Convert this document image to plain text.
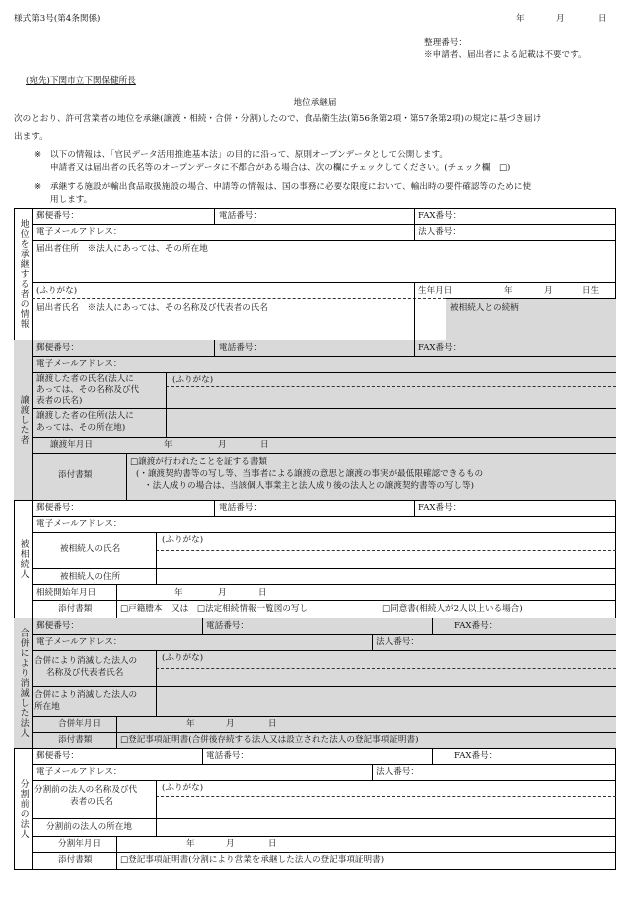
様式第3号(第4条関係)	年	月	日
整理番号：
※申請者、届出者による記載は不要です。
(宛先)下関市立下関保健所長
地位承継届
次のとおり、許可営業者の地位を承継(譲渡・相続・合併・分割)したので、食品衛生法(第56条第2項・第57条第2項)の規定に基づき届け
出ます。
※ 以下の情報は、「官民データ活用推進基本法」の目的に沿って、原則オープンデータとして公開します。
申請者又は届出者の氏名等のオープンデータに不都合がある場合は、次の欄にチェックしてください。(チェック欄　□)
※ 承継する施設が輸出食品取扱施設の場合、申請等の情報は、国の事務に必要な限度において、輸出時の要件確認等のために使
用します。
地位を承継する者の情報
郵便番号：	電話番号：	FAX番号：
電子メールアドレス：	法人番号：
届出者住所　※法人にあっては、その所在地
(ふりがな)	生年月日	年	月	日生
届出者氏名　※法人にあっては、その名称及び代表者の氏名	被相続人との続柄
譲渡した者
郵便番号：	電話番号：	FAX番号：
電子メールアドレス：
譲渡した者の氏名(法人に
あっては、その名称及び代
表者の氏名)
(ふりがな)
譲渡した者の住所(法人に
あっては、その所在地)
譲渡年月日	年	月	日
添付書類
□譲渡が行われたことを証する書類
(・譲渡契約書等の写し等、当事者による譲渡の意思と譲渡の事実が最低限確認できるもの
・法人成りの場合は、当該個人事業主と法人成り後の法人との譲渡契約書等の写し等)
被相続人
郵便番号：	電話番号：	FAX番号：
電子メールアドレス：
被相続人の氏名
(ふりがな)
被相続人の住所
相続開始年月日	年	月	日
添付書類	□戸籍謄本　又は　□法定相続情報一覧図の写し	□同意書(相続人が2人以上いる場合)
合併により消滅した法人
郵便番号：	電話番号：	FAX番号：
電子メールアドレス：	法人番号：
合併により消滅した法人の
名称及び代表者氏名
(ふりがな)
合併により消滅した法人の
所在地
合併年月日	年	月	日
添付書類	□登記事項証明書(合併後存続する法人又は設立された法人の登記事項証明書)
分割前の法人
郵便番号：	電話番号：	FAX番号：
電子メールアドレス：	法人番号：
分割前の法人の名称及び代
表者の氏名
(ふりがな)
分割前の法人の所在地
分割年月日	年	月	日
添付書類	□登記事項証明書(分割により営業を承継した法人の登記事項証明書)
